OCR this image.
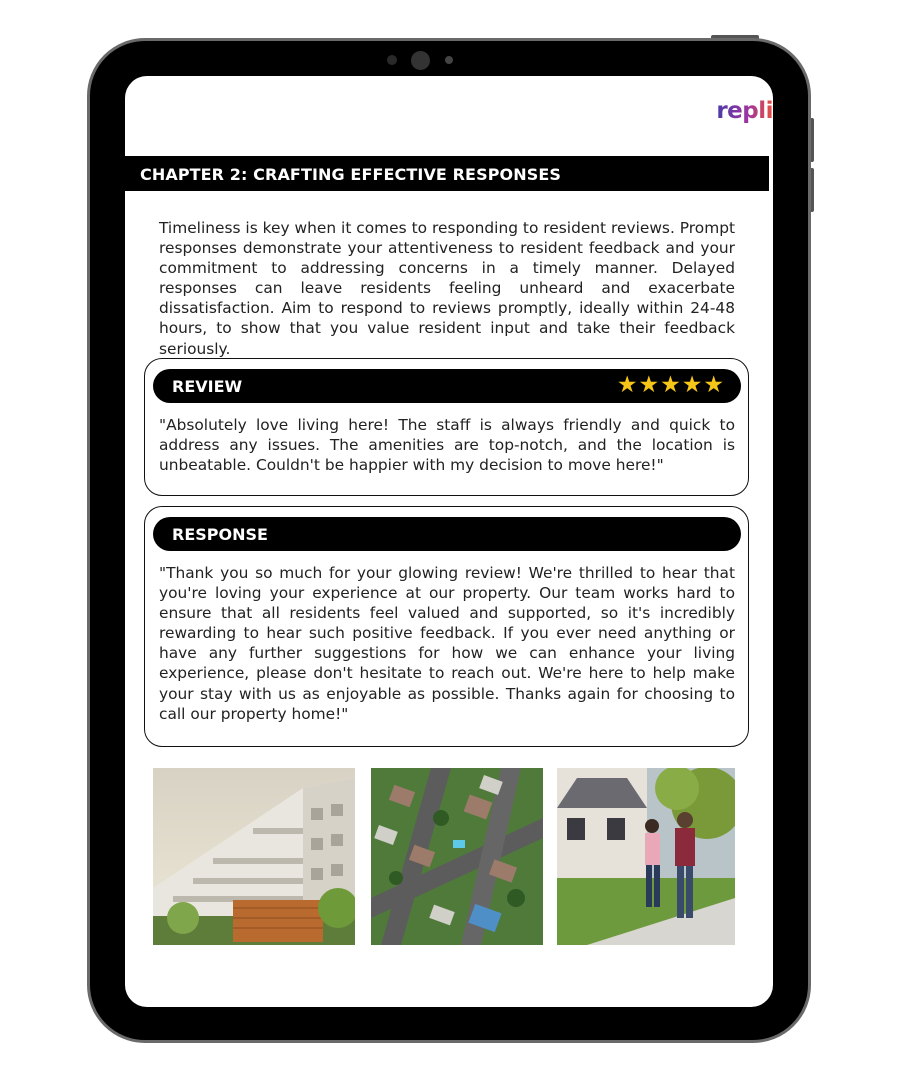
repli
CHAPTER 2: CRAFTING EFFECTIVE RESPONSES

Timeliness is key when it comes to responding to resident reviews. Prompt responses demonstrate your attentiveness to resident feedback and your commitment to addressing concerns in a timely manner. Delayed responses can leave residents feeling unheard and exacerbate dissatisfaction. Aim to respond to reviews promptly, ideally within 24-48 hours, to show that you value resident input and take their feedback seriously.

REVIEW	★★★★★

"Absolutely love living here! The staff is always friendly and quick to address any issues. The amenities are top-notch, and the location is unbeatable. Couldn't be happier with my decision to move here!"

RESPONSE

"Thank you so much for your glowing review! We're thrilled to hear that you're loving your experience at our property. Our team works hard to ensure that all residents feel valued and supported, so it's incredibly rewarding to hear such positive feedback. If you ever need anything or have any further suggestions for how we can enhance your living experience, please don't hesitate to reach out. We're here to help make your stay with us as enjoyable as possible. Thanks again for choosing to call our property home!"
